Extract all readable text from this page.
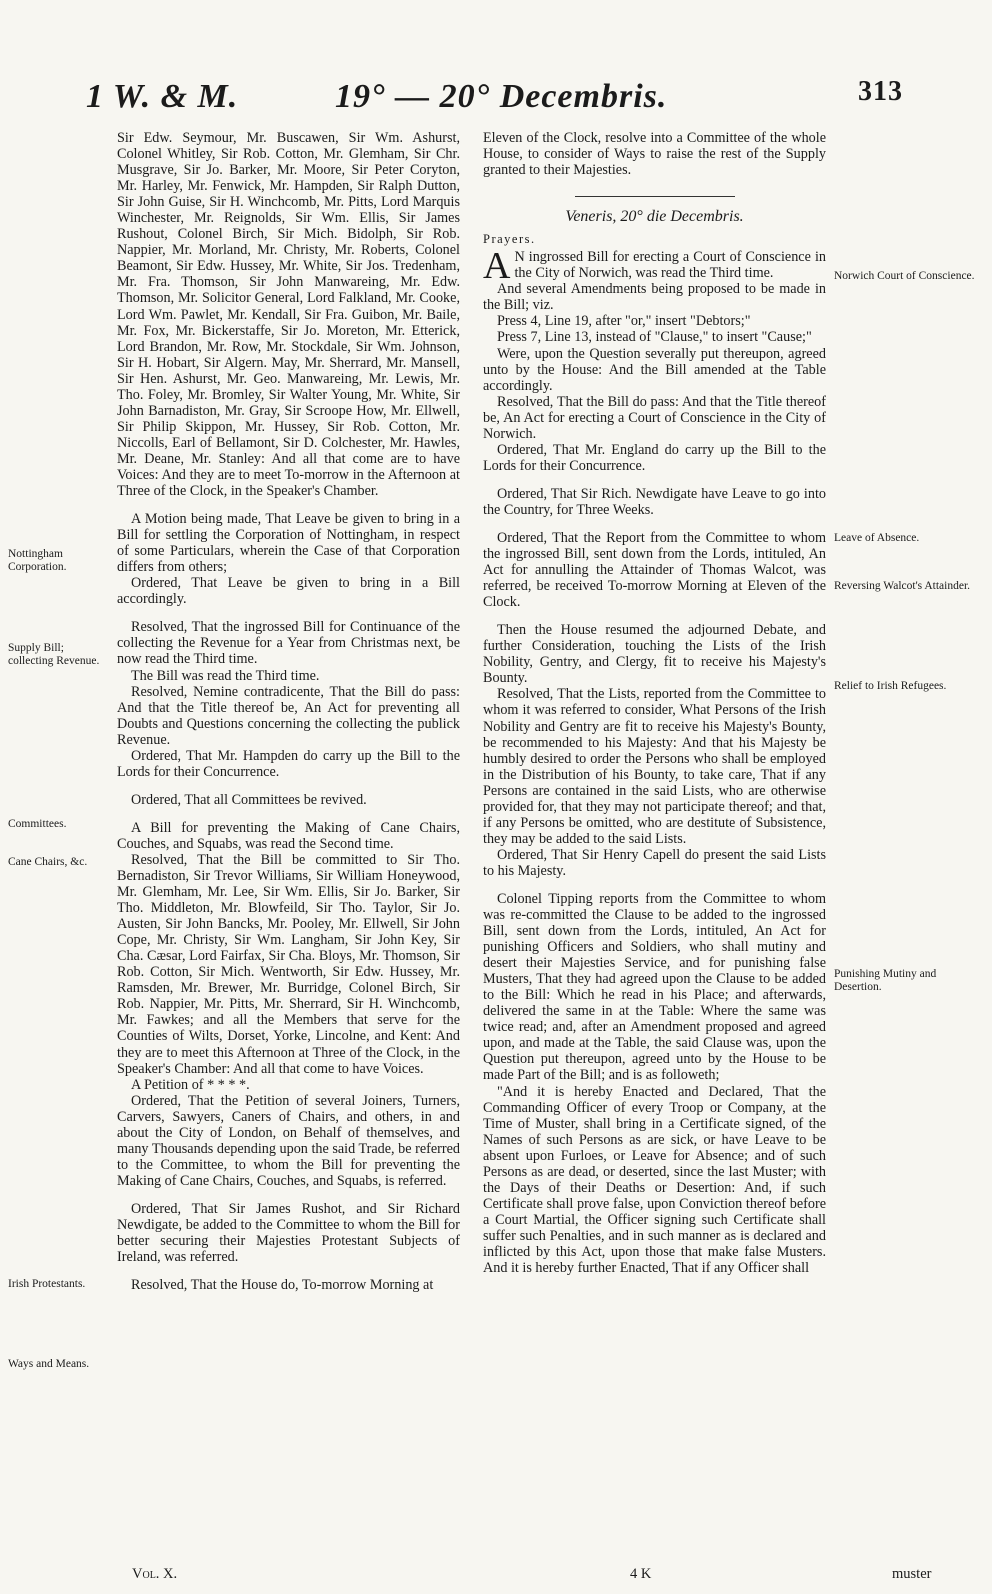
1 W. & M.	19° — 20° Decembris.	313

Sir Edw. Seymour, Mr. Buscawen, Sir Wm. Ashurst, Colonel Whitley, Sir Rob. Cotton, Mr. Glemham, Sir Chr. Musgrave, Sir Jo. Barker, Mr. Moore, Sir Peter Coryton, Mr. Harley, Mr. Fenwick, Mr. Hampden, Sir Ralph Dutton, Sir John Guise, Sir H. Winchcomb, Mr. Pitts, Lord Marquis Winchester, Mr. Reignolds, Sir Wm. Ellis, Sir James Rushout, Colonel Birch, Sir Mich. Bidolph, Sir Rob. Nappier, Mr. Morland, Mr. Christy, Mr. Roberts, Colonel Beamont, Sir Edw. Hussey, Mr. White, Sir Jos. Tredenham, Mr. Fra. Thomson, Sir John Manwareing, Mr. Edw. Thomson, Mr. Solicitor General, Lord Falkland, Mr. Cooke, Lord Wm. Pawlet, Mr. Kendall, Sir Fra. Guibon, Mr. Baile, Mr. Fox, Mr. Bickerstaffe, Sir Jo. Moreton, Mr. Etterick, Lord Brandon, Mr. Row, Mr. Stockdale, Sir Wm. Johnson, Sir H. Hobart, Sir Algern. May, Mr. Sherrard, Mr. Mansell, Sir Hen. Ashurst, Mr. Geo. Manwareing, Mr. Lewis, Mr. Tho. Foley, Mr. Bromley, Sir Walter Young, Mr. White, Sir John Barnadiston, Mr. Gray, Sir Scroope How, Mr. Ellwell, Sir Philip Skippon, Mr. Hussey, Sir Rob. Cotton, Mr. Niccolls, Earl of Bellamont, Sir D. Colchester, Mr. Hawles, Mr. Deane, Mr. Stanley: And all that come are to have Voices: And they are to meet To-morrow in the Afternoon at Three of the Clock, in the Speaker's Chamber.

A Motion being made, That Leave be given to bring in a Bill for settling the Corporation of Nottingham, in respect of some Particulars, wherein the Case of that Corporation differs from others;

Ordered, That Leave be given to bring in a Bill accordingly.

Resolved, That the ingrossed Bill for Continuance of the collecting the Revenue for a Year from Christmas next, be now read the Third time.

The Bill was read the Third time.

Resolved, Nemine contradicente, That the Bill do pass: And that the Title thereof be, An Act for preventing all Doubts and Questions concerning the collecting the publick Revenue.

Ordered, That Mr. Hampden do carry up the Bill to the Lords for their Concurrence.

Ordered, That all Committees be revived.

A Bill for preventing the Making of Cane Chairs, Couches, and Squabs, was read the Second time.

Resolved, That the Bill be committed to Sir Tho. Bernadiston, Sir Trevor Williams, Sir William Honeywood, Mr. Glemham, Mr. Lee, Sir Wm. Ellis, Sir Jo. Barker, Sir Tho. Middleton, Mr. Blowfeild, Sir Tho. Taylor, Sir Jo. Austen, Sir John Bancks, Mr. Pooley, Mr. Ellwell, Sir John Cope, Mr. Christy, Sir Wm. Langham, Sir John Key, Sir Cha. Cæsar, Lord Fairfax, Sir Cha. Bloys, Mr. Thomson, Sir Rob. Cotton, Sir Mich. Wentworth, Sir Edw. Hussey, Mr. Ramsden, Mr. Brewer, Mr. Burridge, Colonel Birch, Sir Rob. Nappier, Mr. Pitts, Mr. Sherrard, Sir H. Winchcomb, Mr. Fawkes; and all the Members that serve for the Counties of Wilts, Dorset, Yorke, Lincolne, and Kent: And they are to meet this Afternoon at Three of the Clock, in the Speaker's Chamber: And all that come to have Voices.

A Petition of * * * *.

Ordered, That the Petition of several Joiners, Turners, Carvers, Sawyers, Caners of Chairs, and others, in and about the City of London, on Behalf of themselves, and many Thousands depending upon the said Trade, be referred to the Committee, to whom the Bill for preventing the Making of Cane Chairs, Couches, and Squabs, is referred.

Ordered, That Sir James Rushot, and Sir Richard Newdigate, be added to the Committee to whom the Bill for better securing their Majesties Protestant Subjects of Ireland, was referred.

Resolved, That the House do, To-morrow Morning at

Eleven of the Clock, resolve into a Committee of the whole House, to consider of Ways to raise the rest of the Supply granted to their Majesties.

Veneris, 20° die Decembris.
Prayers.

A N ingrossed Bill for erecting a Court of Conscience in the City of Norwich, was read the Third time.

And several Amendments being proposed to be made in the Bill; viz.

Press 4, Line 19, after "or," insert "Debtors;"

Press 7, Line 13, instead of "Clause," to insert "Cause;"

Were, upon the Question severally put thereupon, agreed unto by the House: And the Bill amended at the Table accordingly.

Resolved, That the Bill do pass: And that the Title thereof be, An Act for erecting a Court of Conscience in the City of Norwich.

Ordered, That Mr. England do carry up the Bill to the Lords for their Concurrence.

Ordered, That Sir Rich. Newdigate have Leave to go into the Country, for Three Weeks.

Ordered, That the Report from the Committee to whom the ingrossed Bill, sent down from the Lords, intituled, An Act for annulling the Attainder of Thomas Walcot, was referred, be received To-morrow Morning at Eleven of the Clock.

Then the House resumed the adjourned Debate, and further Consideration, touching the Lists of the Irish Nobility, Gentry, and Clergy, fit to receive his Majesty's Bounty.

Resolved, That the Lists, reported from the Committee to whom it was referred to consider, What Persons of the Irish Nobility and Gentry are fit to receive his Majesty's Bounty, be recommended to his Majesty: And that his Majesty be humbly desired to order the Persons who shall be employed in the Distribution of his Bounty, to take care, That if any Persons are contained in the said Lists, who are otherwise provided for, that they may not participate thereof; and that, if any Persons be omitted, who are destitute of Subsistence, they may be added to the said Lists.

Ordered, That Sir Henry Capell do present the said Lists to his Majesty.

Colonel Tipping reports from the Committee to whom was re-committed the Clause to be added to the ingrossed Bill, sent down from the Lords, intituled, An Act for punishing Officers and Soldiers, who shall mutiny and desert their Majesties Service, and for punishing false Musters, That they had agreed upon the Clause to be added to the Bill: Which he read in his Place; and afterwards, delivered the same in at the Table: Where the same was twice read; and, after an Amendment proposed and agreed upon, and made at the Table, the said Clause was, upon the Question put thereupon, agreed unto by the House to be made Part of the Bill; and is as followeth;

"And it is hereby Enacted and Declared, That the Commanding Officer of every Troop or Company, at the Time of Muster, shall bring in a Certificate signed, of the Names of such Persons as are sick, or have Leave to be absent upon Furloes, or Leave for Absence; and of such Persons as are dead, or deserted, since the last Muster; with the Days of their Deaths or Desertion: And, if such Certificate shall prove false, upon Conviction thereof before a Court Martial, the Officer signing such Certificate shall suffer such Penalties, and in such manner as is declared and inflicted by this Act, upon those that make false Musters. And it is hereby further Enacted, That if any Officer shall

Nottingham Corporation.
Supply Bill; collecting Revenue.
Committees.
Cane Chairs, &c.
Irish Protestants.
Ways and Means.
Norwich Court of Conscience.
Leave of Absence.
Reversing Walcot's Attainder.
Relief to Irish Refugees.
Punishing Mutiny and Desertion.
Vol. X.	4 K	muster
